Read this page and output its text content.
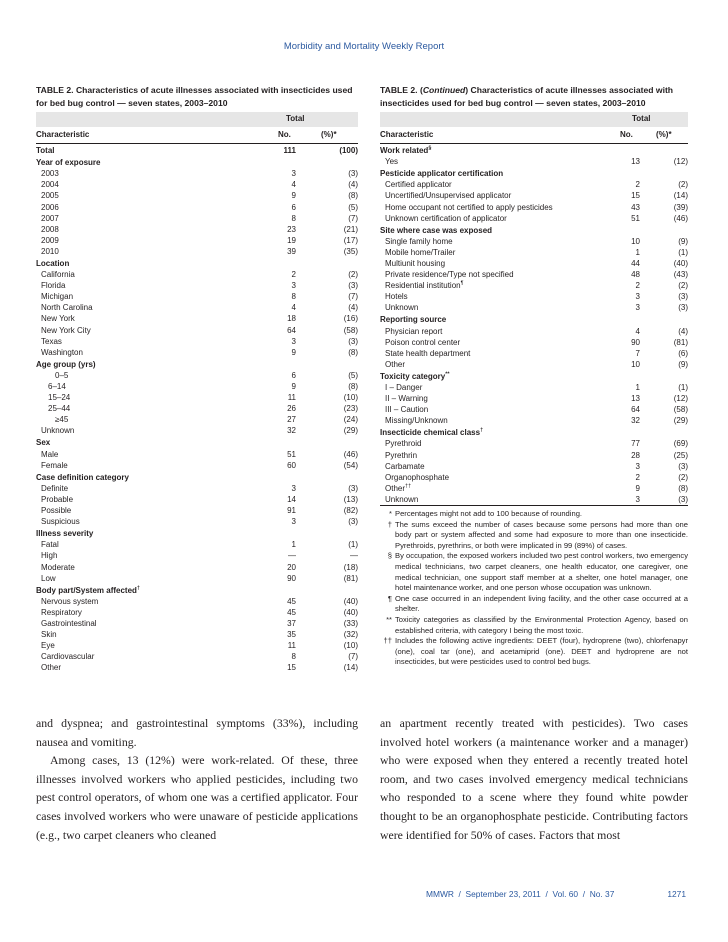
Morbidity and Mortality Weekly Report

TABLE 2. Characteristics of acute illnesses associated with insecticides used for bed bug control — seven states, 2003–2010

Total
Characteristic	No.	(%)*
Total	111	(100)
Year of exposure		
2003	3	(3)
2004	4	(4)
2005	9	(8)
2006	6	(5)
2007	8	(7)
2008	23	(21)
2009	19	(17)
2010	39	(35)
Location		
California	2	(2)
Florida	3	(3)
Michigan	8	(7)
North Carolina	4	(4)
New York	18	(16)
New York City	64	(58)
Texas	3	(3)
Washington	9	(8)
Age group (yrs)		
0–5	6	(5)
6–14	9	(8)
15–24	11	(10)
25–44	26	(23)
≥45	27	(24)
Unknown	32	(29)
Sex		
Male	51	(46)
Female	60	(54)
Case definition category		
Definite	3	(3)
Probable	14	(13)
Possible	91	(82)
Suspicious	3	(3)
Illness severity		
Fatal	1	(1)
High	—	—
Moderate	20	(18)
Low	90	(81)
Body part/System affected†		
Nervous system	45	(40)
Respiratory	45	(40)
Gastrointestinal	37	(33)
Skin	35	(32)
Eye	11	(10)
Cardiovascular	8	(7)
Other	15	(14)

TABLE 2. (Continued) Characteristics of acute illnesses associated with insecticides used for bed bug control — seven states, 2003–2010

Total
Characteristic	No.	(%)*
Work related§		
Yes	13	(12)
Pesticide applicator certification		
Certified applicator	2	(2)
Uncertified/Unsupervised applicator	15	(14)
Home occupant not certified to apply pesticides	43	(39)
Unknown certification of applicator	51	(46)
Site where case was exposed		
Single family home	10	(9)
Mobile home/Trailer	1	(1)
Multiunit housing	44	(40)
Private residence/Type not specified	48	(43)
Residential institution¶	2	(2)
Hotels	3	(3)
Unknown	3	(3)
Reporting source		
Physician report	4	(4)
Poison control center	90	(81)
State health department	7	(6)
Other	10	(9)
Toxicity category**		
I – Danger	1	(1)
II – Warning	13	(12)
III – Caution	64	(58)
Missing/Unknown	32	(29)
Insecticide chemical class†		
Pyrethroid	77	(69)
Pyrethrin	28	(25)
Carbamate	3	(3)
Organophosphate	2	(2)
Other††	9	(8)
Unknown	3	(3)
* Percentages might not add to 100 because of rounding.
† The sums exceed the number of cases because some persons had more than one body part or system affected and some had exposure to more than one insecticide. Pyrethroids, pyrethrins, or both were implicated in 99 (89%) of cases.
§ By occupation, the exposed workers included two pest control workers, two emergency medical technicians, two carpet cleaners, one health educator, one caregiver, one medical technician, one support staff member at a shelter, one hotel manager, one hotel maintenance worker, and one person whose occupation was unknown.
¶ One case occurred in an independent living facility, and the other case occurred at a shelter.
** Toxicity categories as classified by the Environmental Protection Agency, based on established criteria, with category I being the most toxic.
†† Includes the following active ingredients: DEET (four), hydroprene (two), chlorfenapyr (one), coal tar (one), and acetamiprid (one). DEET and hydroprene are not insecticides, but were pesticides used to control bed bugs.

and dyspnea; and gastrointestinal symptoms (33%), including nausea and vomiting.

Among cases, 13 (12%) were work-related. Of these, three illnesses involved workers who applied pesticides, including two pest control operators, of whom one was a certified applicator. Four cases involved workers who were unaware of pesticide applications (e.g., two carpet cleaners who cleaned

an apartment recently treated with pesticides). Two cases involved hotel workers (a maintenance worker and a manager) who were exposed when they entered a recently treated hotel room, and two cases involved emergency medical technicians who responded to a scene where they found white powder thought to be an organophosphate pesticide. Contributing factors were identified for 50% of cases. Factors that most

MMWR  /  September 23, 2011  /  Vol. 60  /  No. 37	1271
